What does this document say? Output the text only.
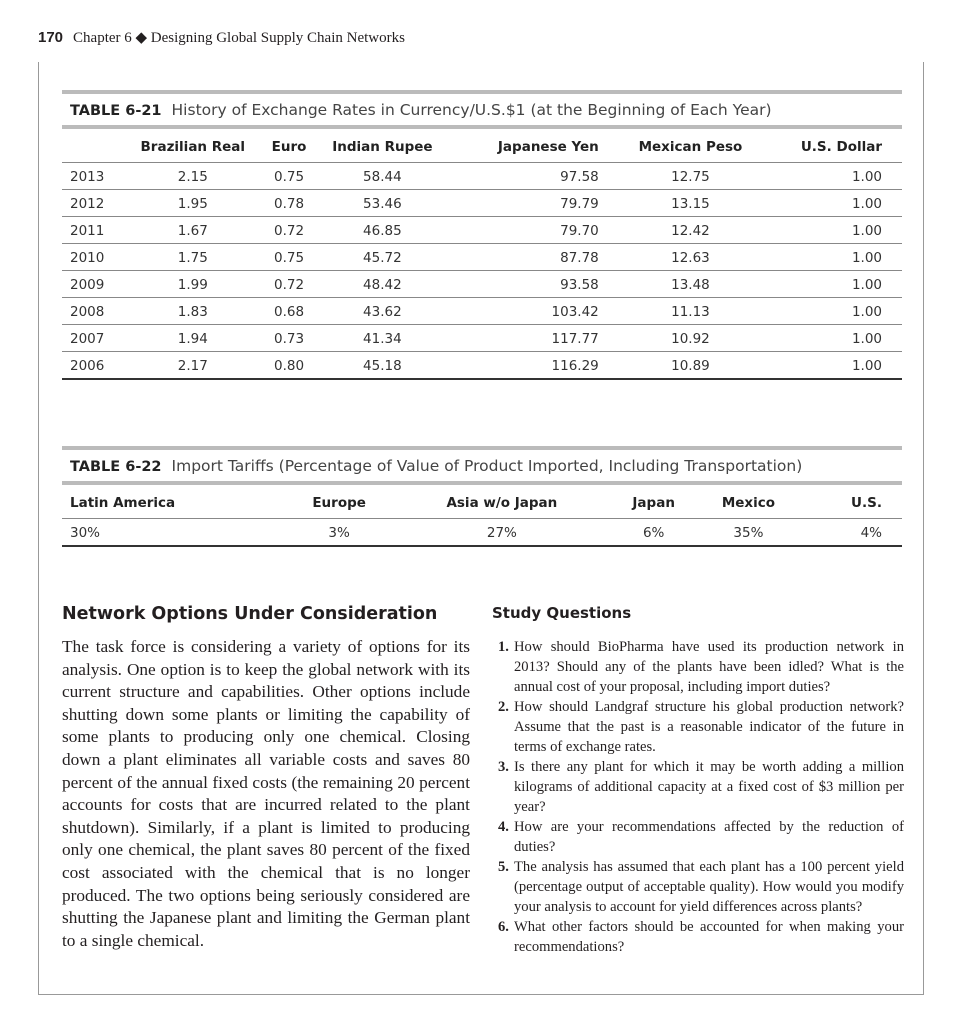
170 Chapter 6 ◆ Designing Global Supply Chain Networks
TABLE 6-21 History of Exchange Rates in Currency/U.S.$1 (at the Beginning of Each Year)
	Brazilian Real	Euro	Indian Rupee	Japanese Yen	Mexican Peso	U.S. Dollar
2013	2.15	0.75	58.44	97.58	12.75	1.00
2012	1.95	0.78	53.46	79.79	13.15	1.00
2011	1.67	0.72	46.85	79.70	12.42	1.00
2010	1.75	0.75	45.72	87.78	12.63	1.00
2009	1.99	0.72	48.42	93.58	13.48	1.00
2008	1.83	0.68	43.62	103.42	11.13	1.00
2007	1.94	0.73	41.34	117.77	10.92	1.00
2006	2.17	0.80	45.18	116.29	10.89	1.00
TABLE 6-22 Import Tariffs (Percentage of Value of Product Imported, Including Transportation)
Latin America	Europe	Asia w/o Japan	Japan	Mexico	U.S.
30%	3%	27%	6%	35%	4%
Network Options Under Consideration
The task force is considering a variety of options for its analysis. One option is to keep the global network with its current structure and capabilities. Other options include shutting down some plants or limiting the capability of some plants to producing only one chemical. Closing down a plant eliminates all variable costs and saves 80 percent of the annual fixed costs (the remaining 20 percent accounts for costs that are incurred related to the plant shutdown). Similarly, if a plant is limited to producing only one chemical, the plant saves 80 percent of the fixed cost associated with the chemical that is no longer produced. The two options being seriously considered are shutting the Japanese plant and limiting the German plant to a single chemical.
Study Questions
1. How should BioPharma have used its production network in 2013? Should any of the plants have been idled? What is the annual cost of your proposal, including import duties?
2. How should Landgraf structure his global production network? Assume that the past is a reasonable indicator of the future in terms of exchange rates.
3. Is there any plant for which it may be worth adding a million kilograms of additional capacity at a fixed cost of $3 million per year?
4. How are your recommendations affected by the reduction of duties?
5. The analysis has assumed that each plant has a 100 percent yield (percentage output of acceptable quality). How would you modify your analysis to account for yield differences across plants?
6. What other factors should be accounted for when making your recommendations?
